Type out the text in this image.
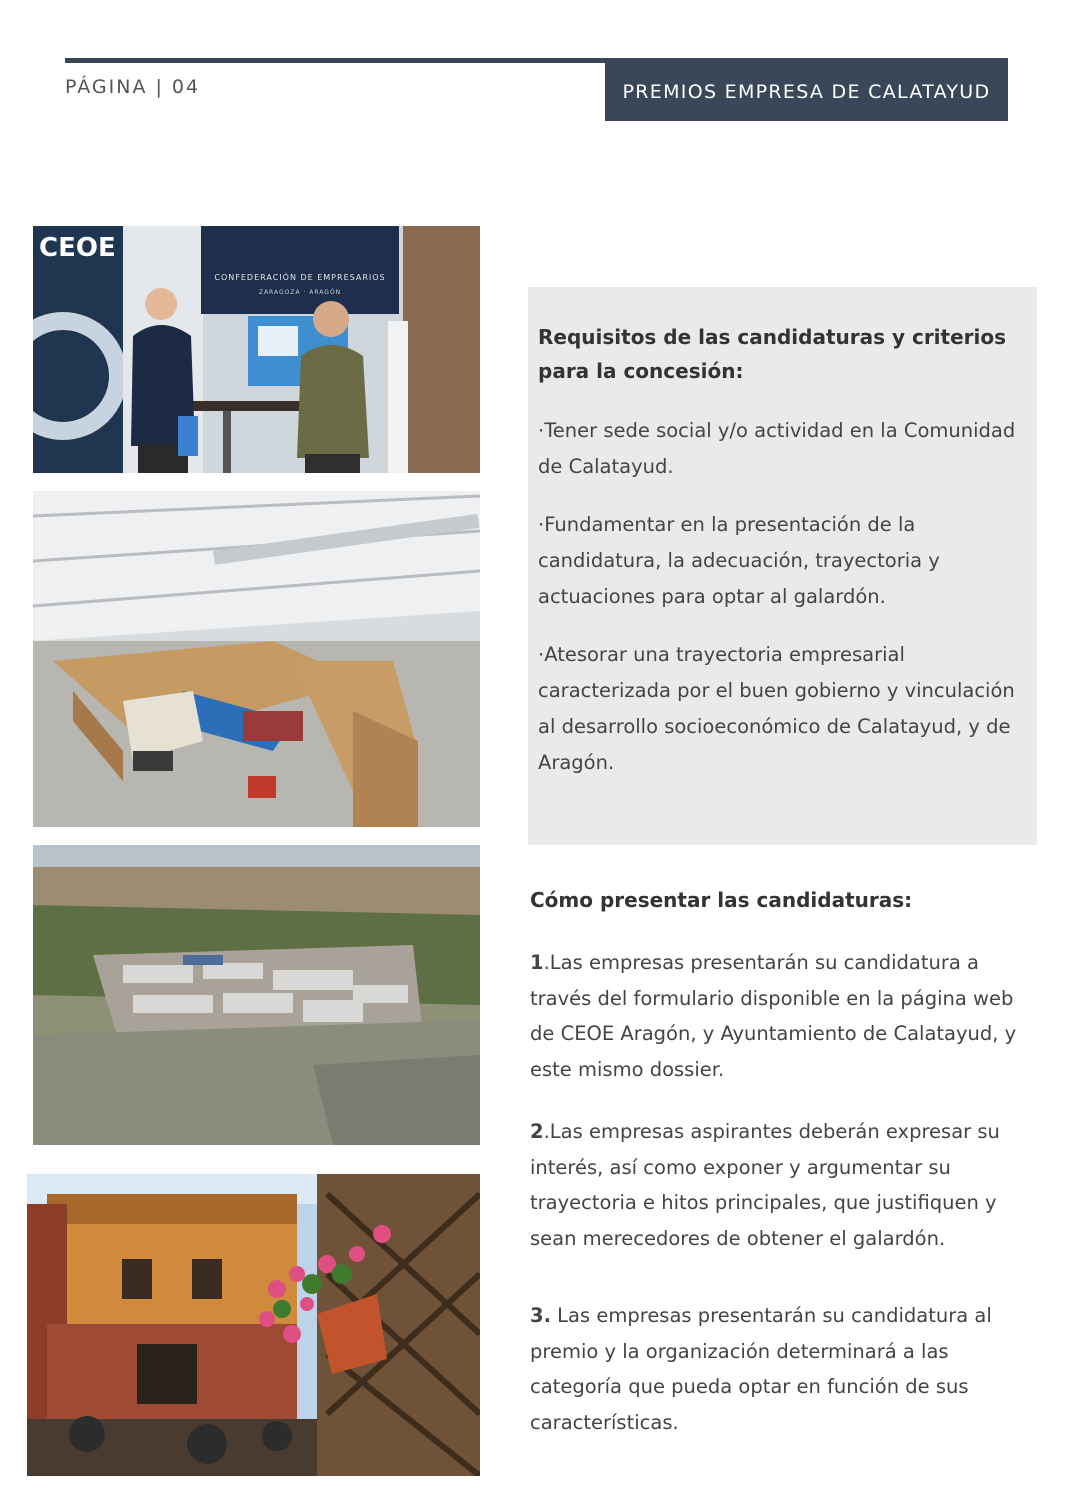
PÁGINA | 04	PREMIOS EMPRESA DE CALATAYUD
CEOE
CONFEDERACIÓN DE EMPRESARIOS
ZARAGOZA · ARAGÓN

Requisitos de las candidaturas y criterios para la concesión:

·Tener sede social y/o actividad en la Comunidad de Calatayud.

·Fundamentar en la presentación de la candidatura, la adecuación, trayectoria y actuaciones para optar al galardón.

·Atesorar una trayectoria empresarial caracterizada por el buen gobierno y vinculación al desarrollo socioeconómico de Calatayud, y de Aragón.

Cómo presentar las candidaturas:

1.Las empresas presentarán su candidatura a través del formulario disponible en la página web de CEOE Aragón, y Ayuntamiento de Calatayud, y este mismo dossier.

2.Las empresas aspirantes deberán expresar su interés, así como exponer y argumentar su trayectoria e hitos principales, que justifiquen y sean merecedores de obtener el galardón.

3. Las empresas presentarán su candidatura al premio y la organización determinará a las categoría que pueda optar en función de sus características.
